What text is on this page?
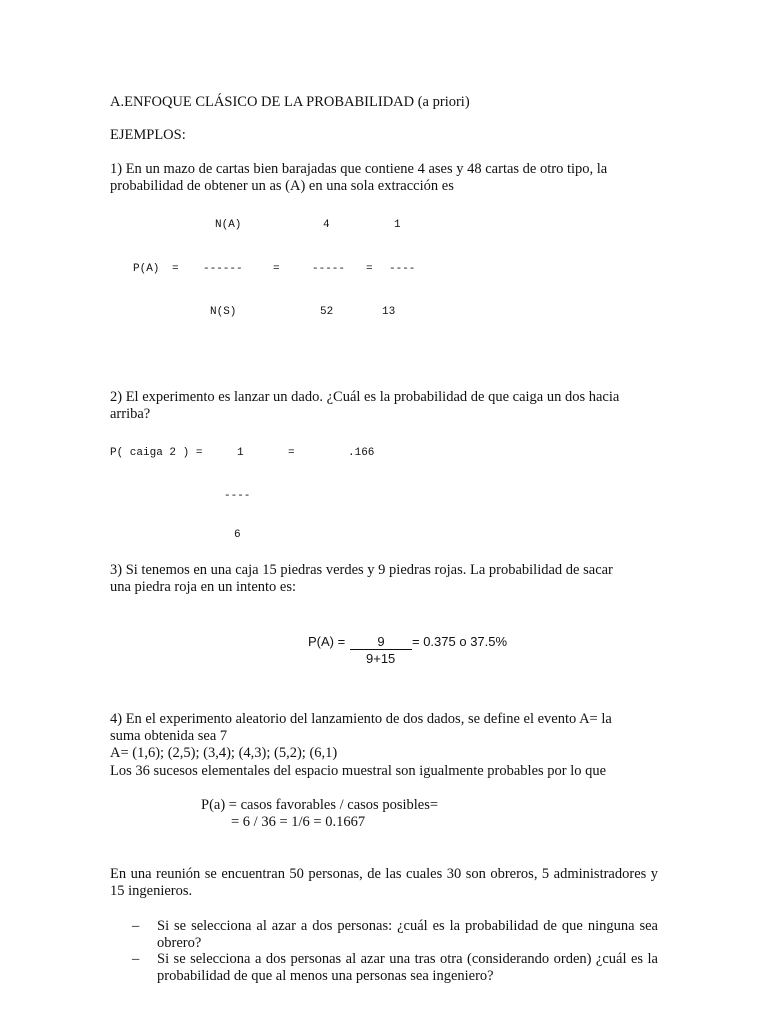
A.ENFOQUE CLÁSICO DE LA PROBABILIDAD (a priori)
EJEMPLOS:
1) En un mazo de cartas bien barajadas que contiene 4 ases y 48 cartas de otro tipo, la
probabilidad de obtener un as (A) en una sola extracción es
N(A)	4	1
P(A) = ------	=	----- = ----
N(S)	52	13
2) El experimento es lanzar un dado. ¿Cuál es la probabilidad de que caiga un dos hacia
arriba?
P( caiga 2 ) =	1	=	.166
----
6
3) Si tenemos en una caja 15 piedras verdes y 9 piedras rojas. La probabilidad de sacar
una piedra roja en un intento es:
P(A) =	9	= 0.375 o 37.5%
9+15
4) En el experimento aleatorio del lanzamiento de dos dados, se define el evento A= la
suma obtenida sea 7
A= (1,6); (2,5); (3,4); (4,3); (5,2); (6,1)
Los 36 sucesos elementales del espacio muestral son igualmente probables por lo que
P(a) = casos favorables / casos posibles=
= 6 / 36 = 1/6 = 0.1667
En una reunión se encuentran 50 personas, de las cuales 30 son obreros, 5 administradores y 15 ingenieros.
– Si se selecciona al azar a dos personas: ¿cuál es la probabilidad de que ninguna sea obrero?
– Si se selecciona a dos personas al azar una tras otra (considerando orden) ¿cuál es la probabilidad de que al menos una personas sea ingeniero?
